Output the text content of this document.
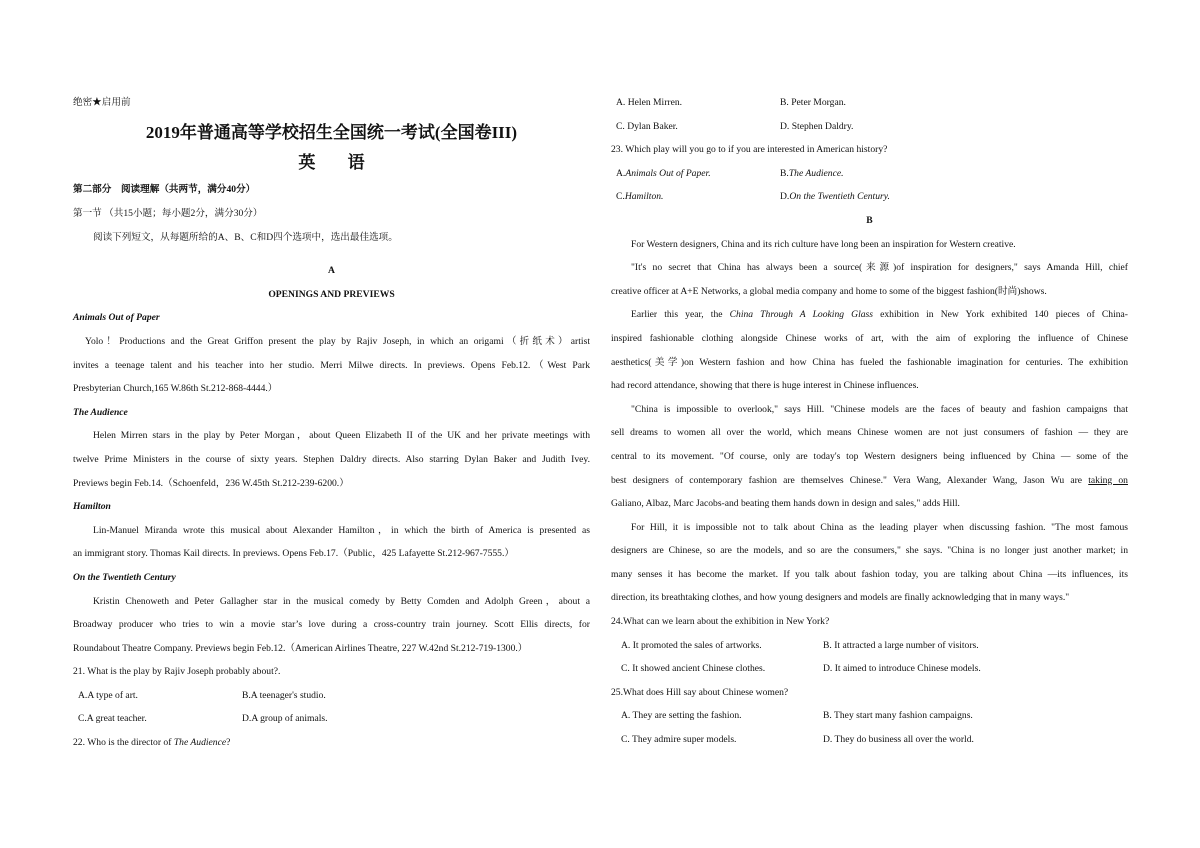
绝密★启用前
2019年普通高等学校招生全国统一考试(全国卷III)
英 语
第二部分　阅读理解（共两节，满分40分）
第一节 （共15小题；每小题2分，满分30分）
阅读下列短文，从每题所给的A、B、C和D四个选项中，选出最佳选项。
A
OPENINGS AND PREVIEWS
Animals Out of Paper
Yolo！Productions and the Great Griffon present the play by Rajiv Joseph, in which an origami（折纸术）artist
invites a teenage talent and his teacher into her studio. Merri Milwe directs. In previews. Opens Feb.12.（West Park
Presbyterian Church,165 W.86th St.212-868-4444.）
The Audience
Helen Mirren stars in the play by Peter Morgan，about Queen Elizabeth II of the UK and her private meetings with
twelve Prime Ministers in the course of sixty years. Stephen Daldry directs. Also starring Dylan Baker and Judith Ivey.
Previews begin Feb.14.（Schoenfeld，236 W.45th St.212-239-6200.）
Hamilton
Lin-Manuel Miranda wrote this musical about Alexander Hamilton，in which the birth of America is presented as
an immigrant story. Thomas Kail directs. In previews. Opens Feb.17.（Public，425 Lafayette St.212-967-7555.）
On the Twentieth Century
Kristin Chenoweth and Peter Gallagher star in the musical comedy by Betty Comden and Adolph Green，about a
Broadway producer who tries to win a movie star’s love during a cross-country train journey. Scott Ellis directs, for
Roundabout Theatre Company. Previews begin Feb.12.（American Airlines Theatre, 227 W.42nd St.212-719-1300.）
21. What is the play by Rajiv Joseph probably about?.
A.A type of art.	B.A teenager's studio.
C.A great teacher.	D.A group of animals.
22. Who is the director of The Audience?
A. Helen Mirren.	B. Peter Morgan.
C. Dylan Baker.	D. Stephen Daldry.
23. Which play will you go to if you are interested in American history?
A.Animals Out of Paper.	B.The Audience.
C.Hamilton.	D.On the Twentieth Century.
B
For Western designers, China and its rich culture have long been an inspiration for Western creative.
"It's no secret that China has always been a source(来源)of inspiration for designers," says Amanda Hill, chief
creative officer at A+E Networks, a global media company and home to some of the biggest fashion(时尚)shows.
Earlier this year, the China Through A Looking Glass exhibition in New York exhibited 140 pieces of China-
inspired fashionable clothing alongside Chinese works of art, with the aim of exploring the influence of Chinese
aesthetics(美学)on Western fashion and how China has fueled the fashionable imagination for centuries. The exhibition
had record attendance, showing that there is huge interest in Chinese influences.
"China is impossible to overlook," says Hill. "Chinese models are the faces of beauty and fashion campaigns that
sell dreams to women all over the world, which means Chinese women are not just consumers of fashion — they are
central to its movement. "Of course, only are today's top Western designers being influenced by China — some of the
best designers of contemporary fashion are themselves Chinese." Vera Wang, Alexander Wang, Jason Wu are taking on
Galiano, Albaz, Marc Jacobs-and beating them hands down in design and sales," adds Hill.
For Hill, it is impossible not to talk about China as the leading player when discussing fashion. "The most famous
designers are Chinese, so are the models, and so are the consumers," she says. "China is no longer just another market; in
many senses it has become the market. If you talk about fashion today, you are talking about China —its influences, its
direction, its breathtaking clothes, and how young designers and models are finally acknowledging that in many ways."
24.What can we learn about the exhibition in New York?
A. It promoted the sales of artworks.	B. It attracted a large number of visitors.
C. It showed ancient Chinese clothes.	D. It aimed to introduce Chinese models.
25.What does Hill say about Chinese women?
A. They are setting the fashion.	B. They start many fashion campaigns.
C. They admire super models.	D. They do business all over the world.
